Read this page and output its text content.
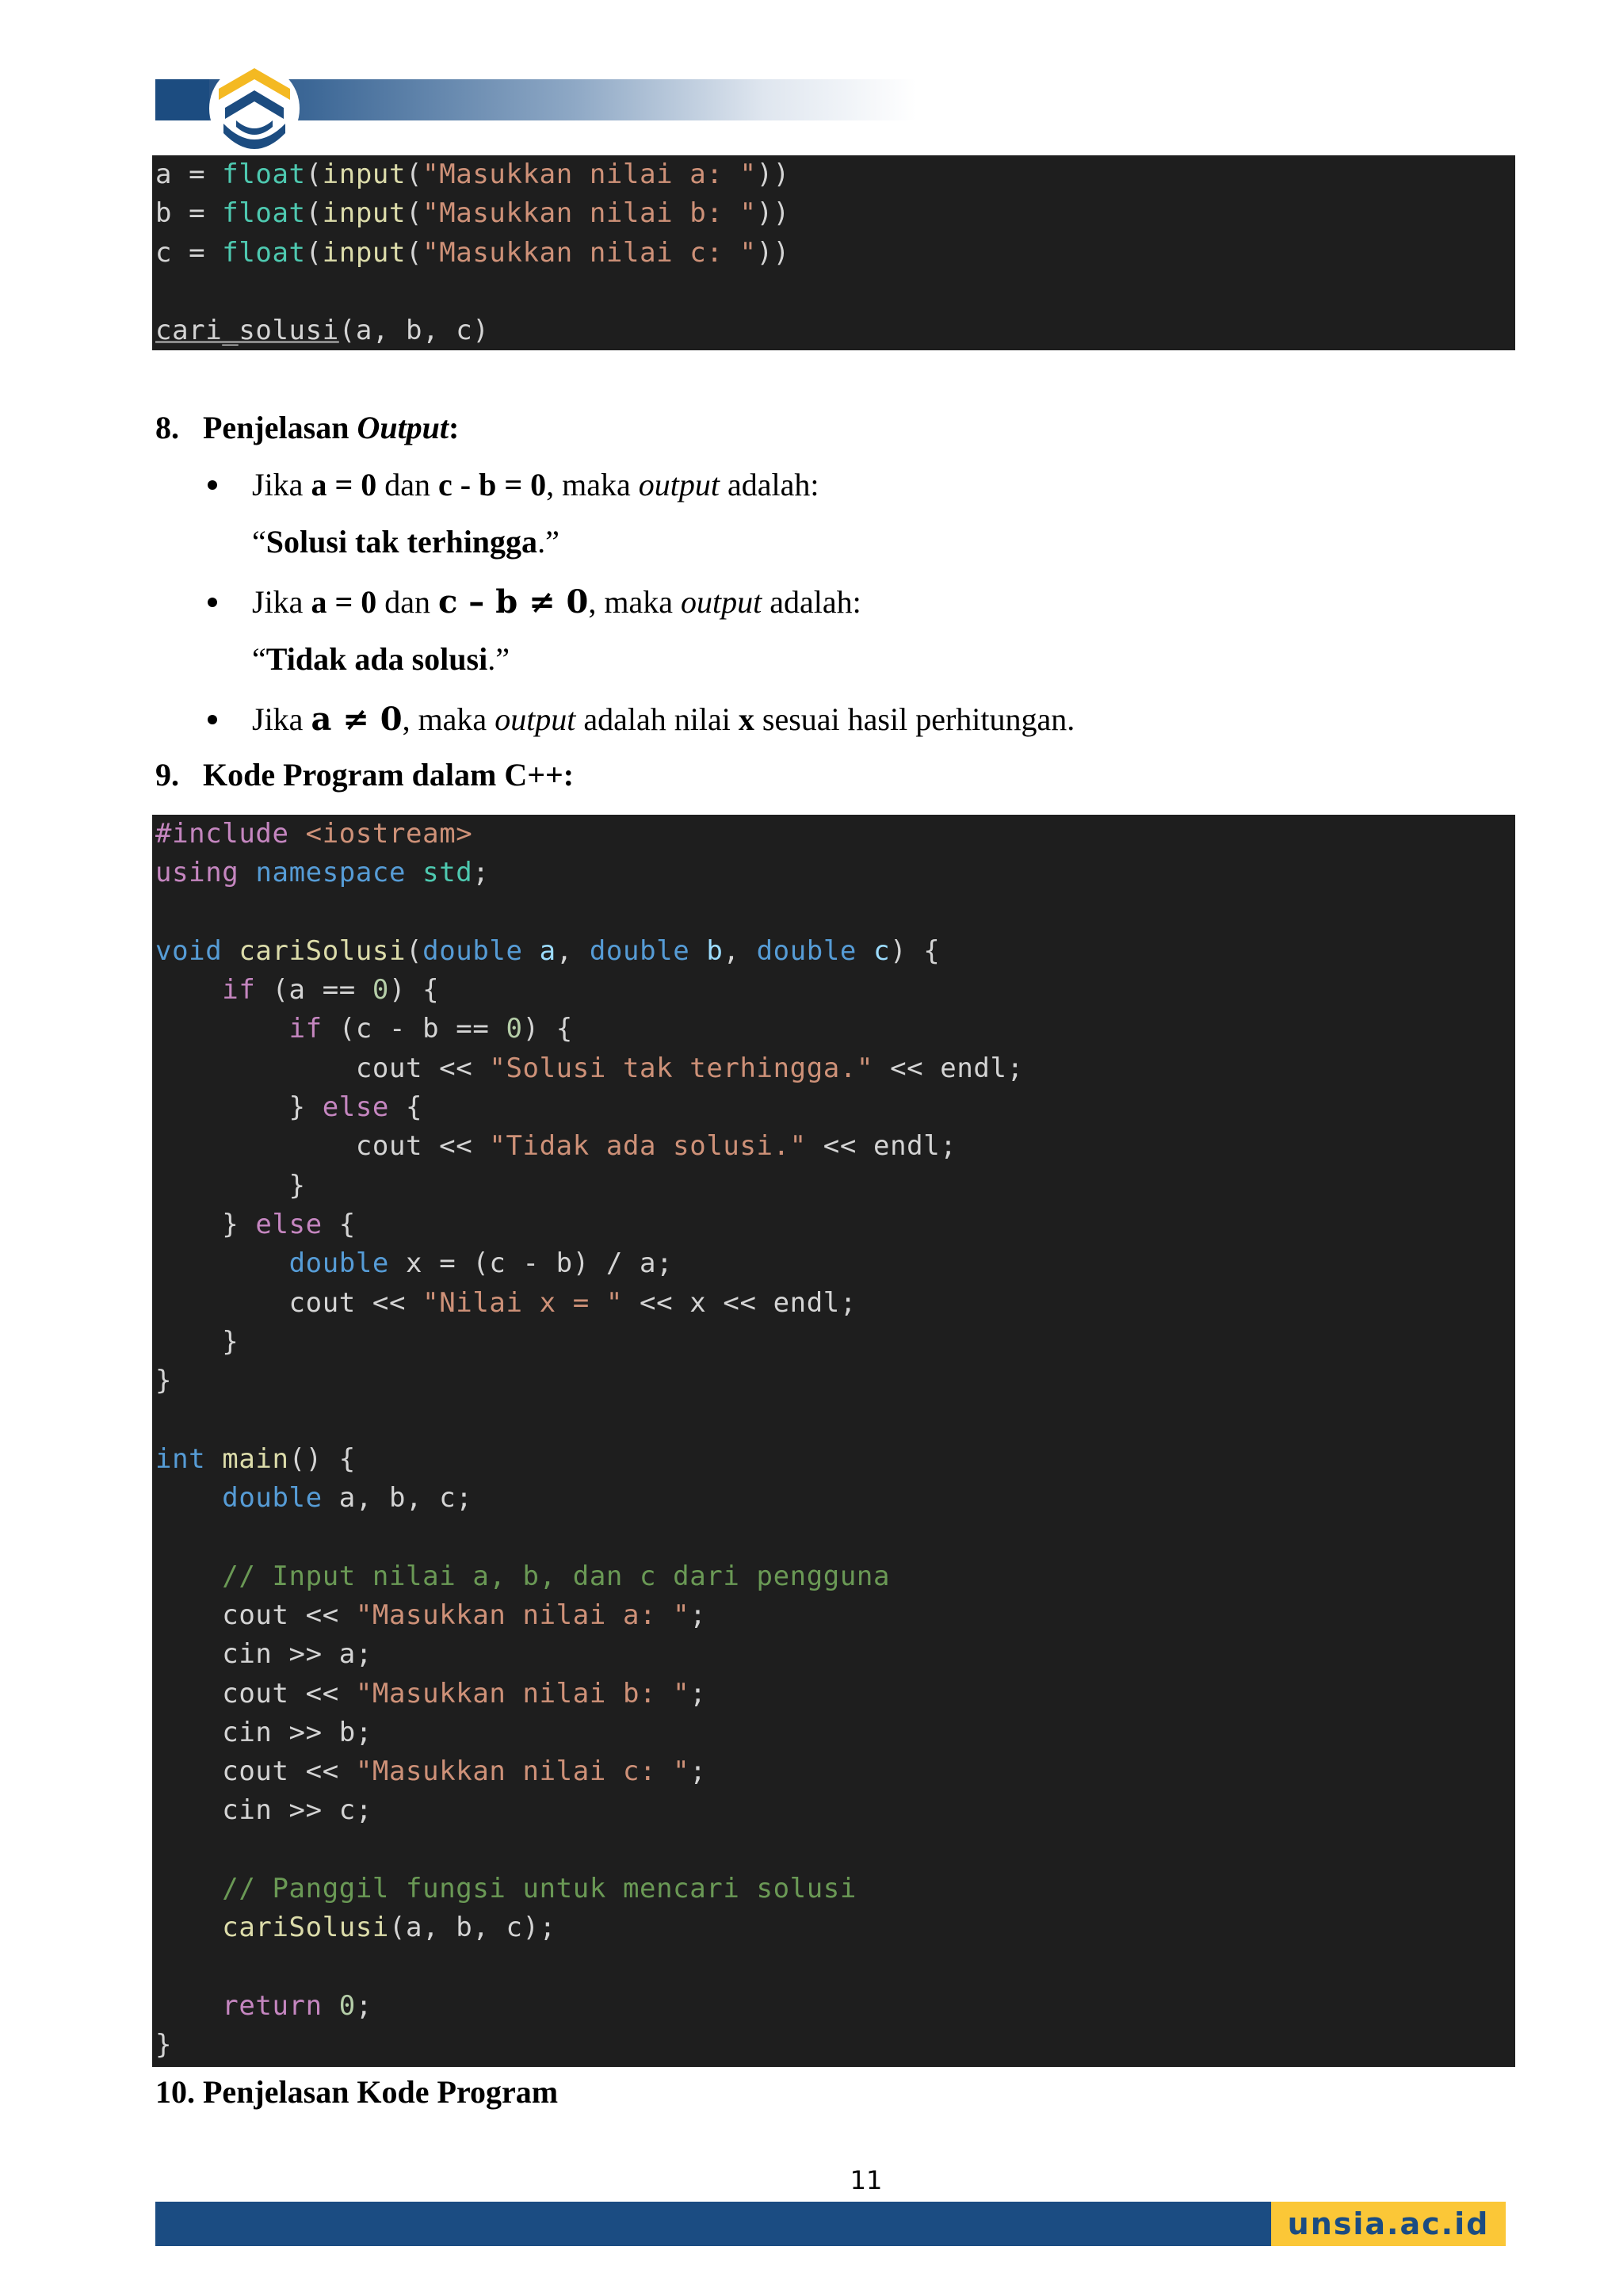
a = float(input("Masukkan nilai a: "))
b = float(input("Masukkan nilai b: "))
c = float(input("Masukkan nilai c: "))

cari_solusi(a, b, c)
8. Penjelasan Output:
Jika a = 0 dan c - b = 0, maka output adalah:
“Solusi tak terhingga.”
Jika a = 0 dan c – b ≠ 0, maka output adalah:
“Tidak ada solusi.”
Jika a ≠ 0, maka output adalah nilai x sesuai hasil perhitungan.
9. Kode Program dalam C++:
#include <iostream>
using namespace std;

void cariSolusi(double a, double b, double c) {
if (a == 0) {
if (c - b == 0) {
cout << "Solusi tak terhingga." << endl;
} else {
cout << "Tidak ada solusi." << endl;
}
} else {
double x = (c - b) / a;
cout << "Nilai x = " << x << endl;
}
}

int main() {
double a, b, c;

// Input nilai a, b, dan c dari pengguna
cout << "Masukkan nilai a: ";
cin >> a;
cout << "Masukkan nilai b: ";
cin >> b;
cout << "Masukkan nilai c: ";
cin >> c;

// Panggil fungsi untuk mencari solusi
cariSolusi(a, b, c);

return 0;
}
10. Penjelasan Kode Program
11
unsia.ac.id
